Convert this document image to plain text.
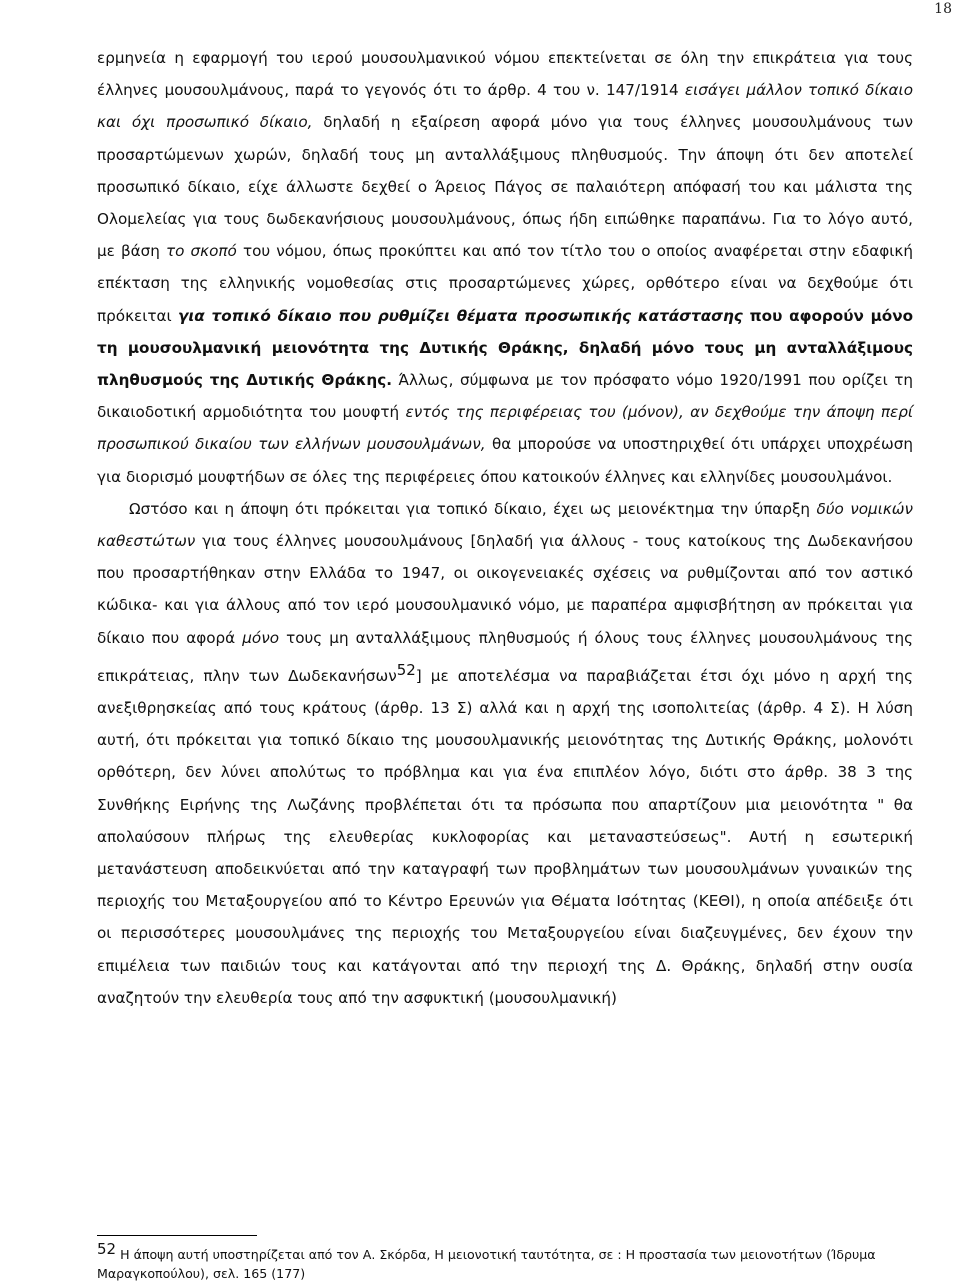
18

ερμηνεία η εφαρμογή του ιερού μουσουλμανικού νόμου επεκτείνεται σε όλη την επικράτεια για τους έλληνες μουσουλμάνους, παρά το γεγονός ότι το άρθρ. 4 του ν. 147/1914 εισάγει μάλλον τοπικό δίκαιο και όχι προσωπικό δίκαιο, δηλαδή η εξαίρεση αφορά μόνο για τους έλληνες μουσουλμάνους των προσαρτώμενων χωρών, δηλαδή τους μη ανταλλάξιμους πληθυσμούς. Την άποψη ότι δεν αποτελεί προσωπικό δίκαιο, είχε άλλωστε δεχθεί ο Άρειος Πάγος σε παλαιότερη απόφασή του και μάλιστα της Ολομελείας για τους δωδεκανήσιους μουσουλμάνους, όπως ήδη ειπώθηκε παραπάνω. Για το λόγο αυτό, με βάση το σκοπό του νόμου, όπως προκύπτει και από τον τίτλο του ο οποίος αναφέρεται στην εδαφική επέκταση της ελληνικής νομοθεσίας στις προσαρτώμενες χώρες, ορθότερο είναι να δεχθούμε ότι πρόκειται για τοπικό δίκαιο που ρυθμίζει θέματα προσωπικής κατάστασης που αφορούν μόνο τη μουσουλμανική μειονότητα της Δυτικής Θράκης, δηλαδή μόνο τους μη ανταλλάξιμους πληθυσμούς της Δυτικής Θράκης. Άλλως, σύμφωνα με τον πρόσφατο νόμο 1920/1991 που ορίζει τη δικαιοδοτική αρμοδιότητα του μουφτή εντός της περιφέρειας του (μόνον), αν δεχθούμε την άποψη περί προσωπικού δικαίου των ελλήνων μουσουλμάνων, θα μπορούσε να υποστηριχθεί ότι υπάρχει υποχρέωση για διορισμό μουφτήδων σε όλες της περιφέρειες όπου κατοικούν έλληνες και ελληνίδες μουσουλμάνοι.

Ωστόσο και η άποψη ότι πρόκειται για τοπικό δίκαιο, έχει ως μειονέκτημα την ύπαρξη δύο νομικών καθεστώτων για τους έλληνες μουσουλμάνους [δηλαδή για άλλους - τους κατοίκους της Δωδεκανήσου που προσαρτήθηκαν στην Ελλάδα το 1947, οι οικογενειακές σχέσεις να ρυθμίζονται από τον αστικό κώδικα- και για άλλους από τον ιερό μουσουλμανικό νόμο, με παραπέρα αμφισβήτηση αν πρόκειται για δίκαιο που αφορά μόνο τους μη ανταλλάξιμους πληθυσμούς ή όλους τους έλληνες μουσουλμάνους της επικράτειας, πλην των Δωδεκανήσων52] με αποτελέσμα να παραβιάζεται έτσι όχι μόνο η αρχή της ανεξιθρησκείας από τους κράτους (άρθρ. 13 Σ) αλλά και η αρχή της ισοπολιτείας (άρθρ. 4 Σ). Η λύση αυτή, ότι πρόκειται για τοπικό δίκαιο της μουσουλμανικής μειονότητας της Δυτικής Θράκης, μολονότι ορθότερη, δεν λύνει απολύτως το πρόβλημα και για ένα επιπλέον λόγο, διότι στο άρθρ. 38 3 της Συνθήκης Ειρήνης της Λωζάνης προβλέπεται ότι τα πρόσωπα που απαρτίζουν μια μειονότητα " θα απολαύσουν πλήρως της ελευθερίας κυκλοφορίας και μεταναστεύσεως". Αυτή η εσωτερική μετανάστευση αποδεικνύεται από την καταγραφή των προβλημάτων των μουσουλμάνων γυναικών της περιοχής του Μεταξουργείου από το Κέντρο Ερευνών για Θέματα Ισότητας (ΚΕΘΙ), η οποία απέδειξε ότι οι περισσότερες μουσουλμάνες της περιοχής του Μεταξουργείου είναι διαζευγμένες, δεν έχουν την επιμέλεια των παιδιών τους και κατάγονται από την περιοχή της Δ. Θράκης, δηλαδή στην ουσία αναζητούν την ελευθερία τους από την ασφυκτική (μουσουλμανική)

52 Η άποψη αυτή υποστηρίζεται από τον Α. Σκόρδα, Η μειονοτική ταυτότητα, σε : Η προστασία των μειονοτήτων (Ίδρυμα Μαραγκοπούλου), σελ. 165 (177)
